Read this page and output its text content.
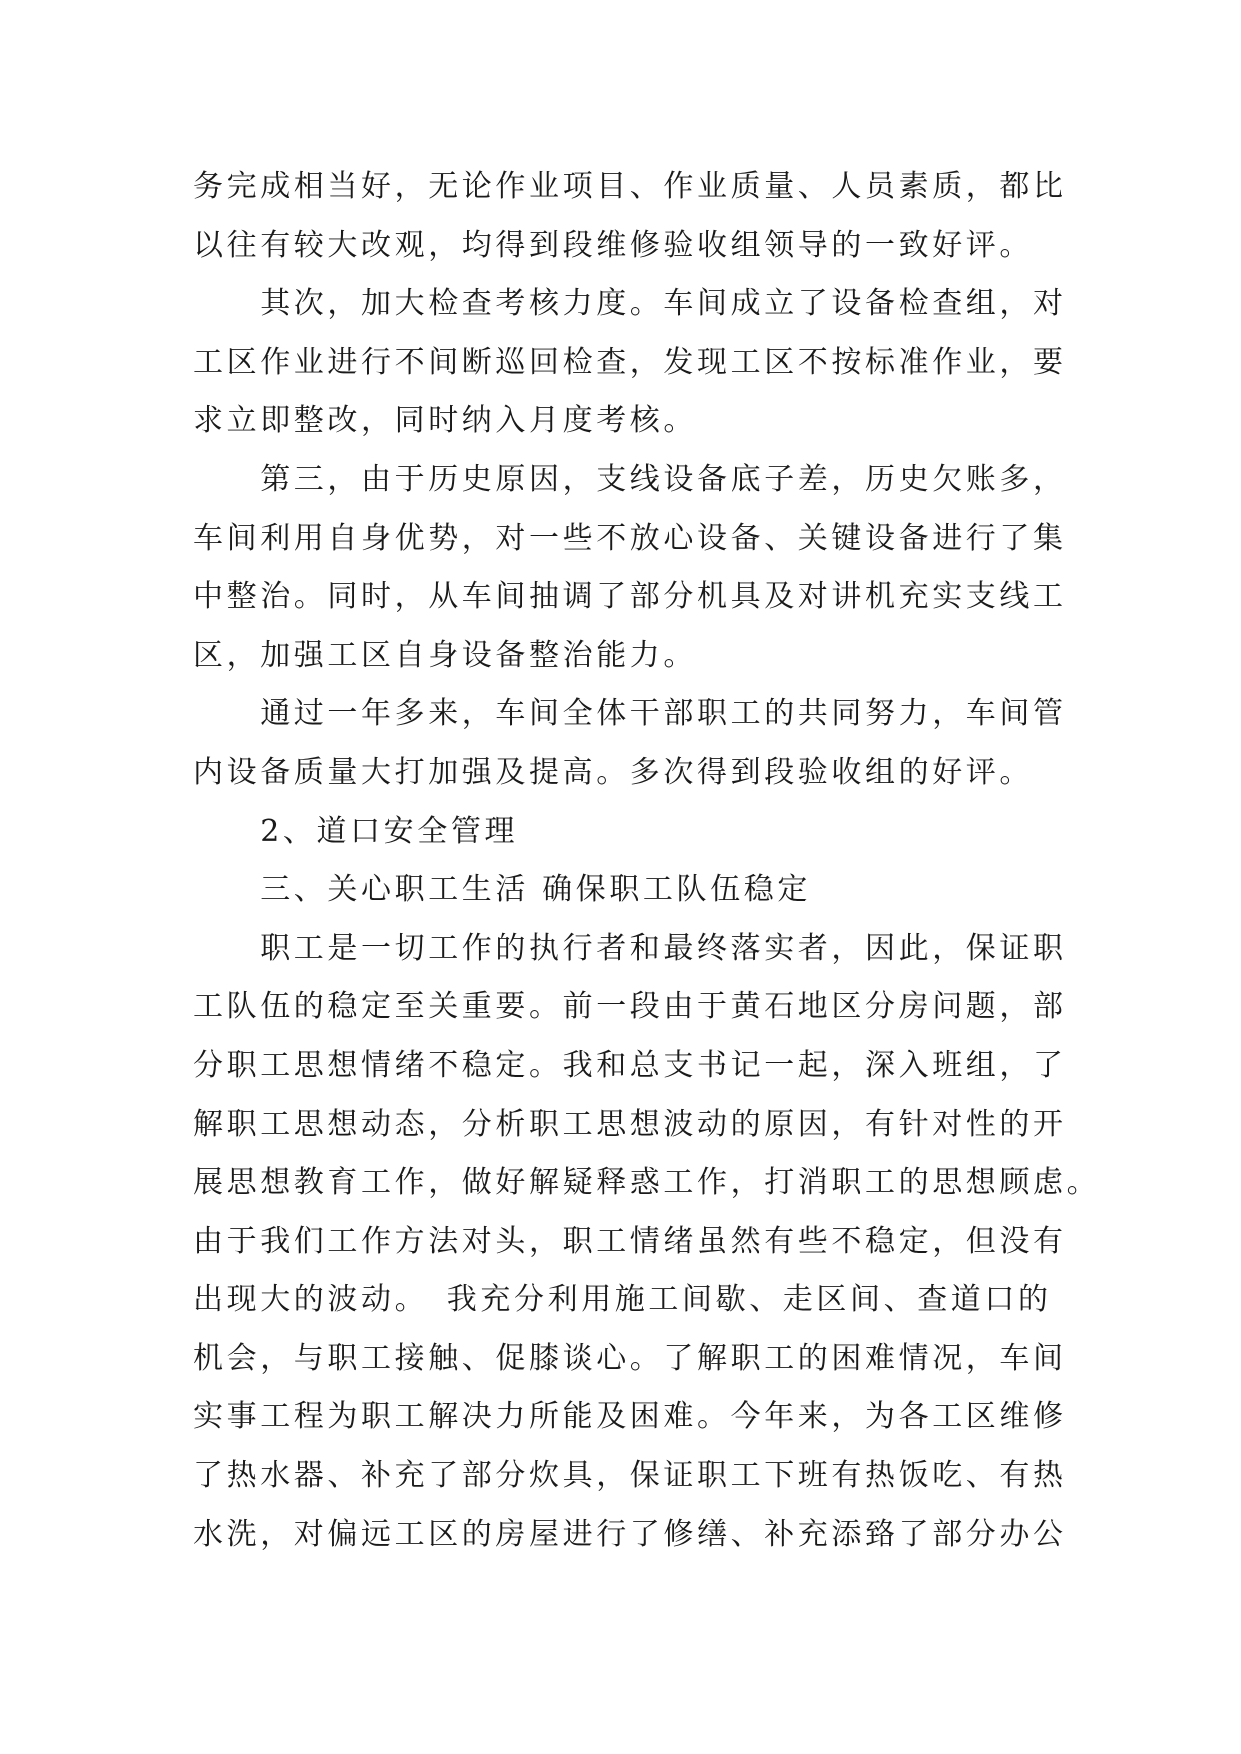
务完成相当好，无论作业项目、作业质量、人员素质，都比
以往有较大改观，均得到段维修验收组领导的一致好评。
　　其次，加大检查考核力度。车间成立了设备检查组，对
工区作业进行不间断巡回检查，发现工区不按标准作业，要
求立即整改，同时纳入月度考核。
　　第三，由于历史原因，支线设备底子差，历史欠账多，
车间利用自身优势，对一些不放心设备、关键设备进行了集
中整治。同时，从车间抽调了部分机具及对讲机充实支线工
区，加强工区自身设备整治能力。
　　通过一年多来，车间全体干部职工的共同努力，车间管
内设备质量大打加强及提高。多次得到段验收组的好评。
　　2、道口安全管理
　　三、关心职工生活 确保职工队伍稳定
　　职工是一切工作的执行者和最终落实者，因此，保证职
工队伍的稳定至关重要。前一段由于黄石地区分房问题，部
分职工思想情绪不稳定。我和总支书记一起，深入班组，了
解职工思想动态，分析职工思想波动的原因，有针对性的开
展思想教育工作，做好解疑释惑工作，打消职工的思想顾虑。
由于我们工作方法对头，职工情绪虽然有些不稳定，但没有
出现大的波动。　我充分利用施工间歇、走区间、查道口的
机会，与职工接触、促膝谈心。了解职工的困难情况，车间
实事工程为职工解决力所能及困难。今年来，为各工区维修
了热水器、补充了部分炊具，保证职工下班有热饭吃、有热
水洗，对偏远工区的房屋进行了修缮、补充添臵了部分办公
